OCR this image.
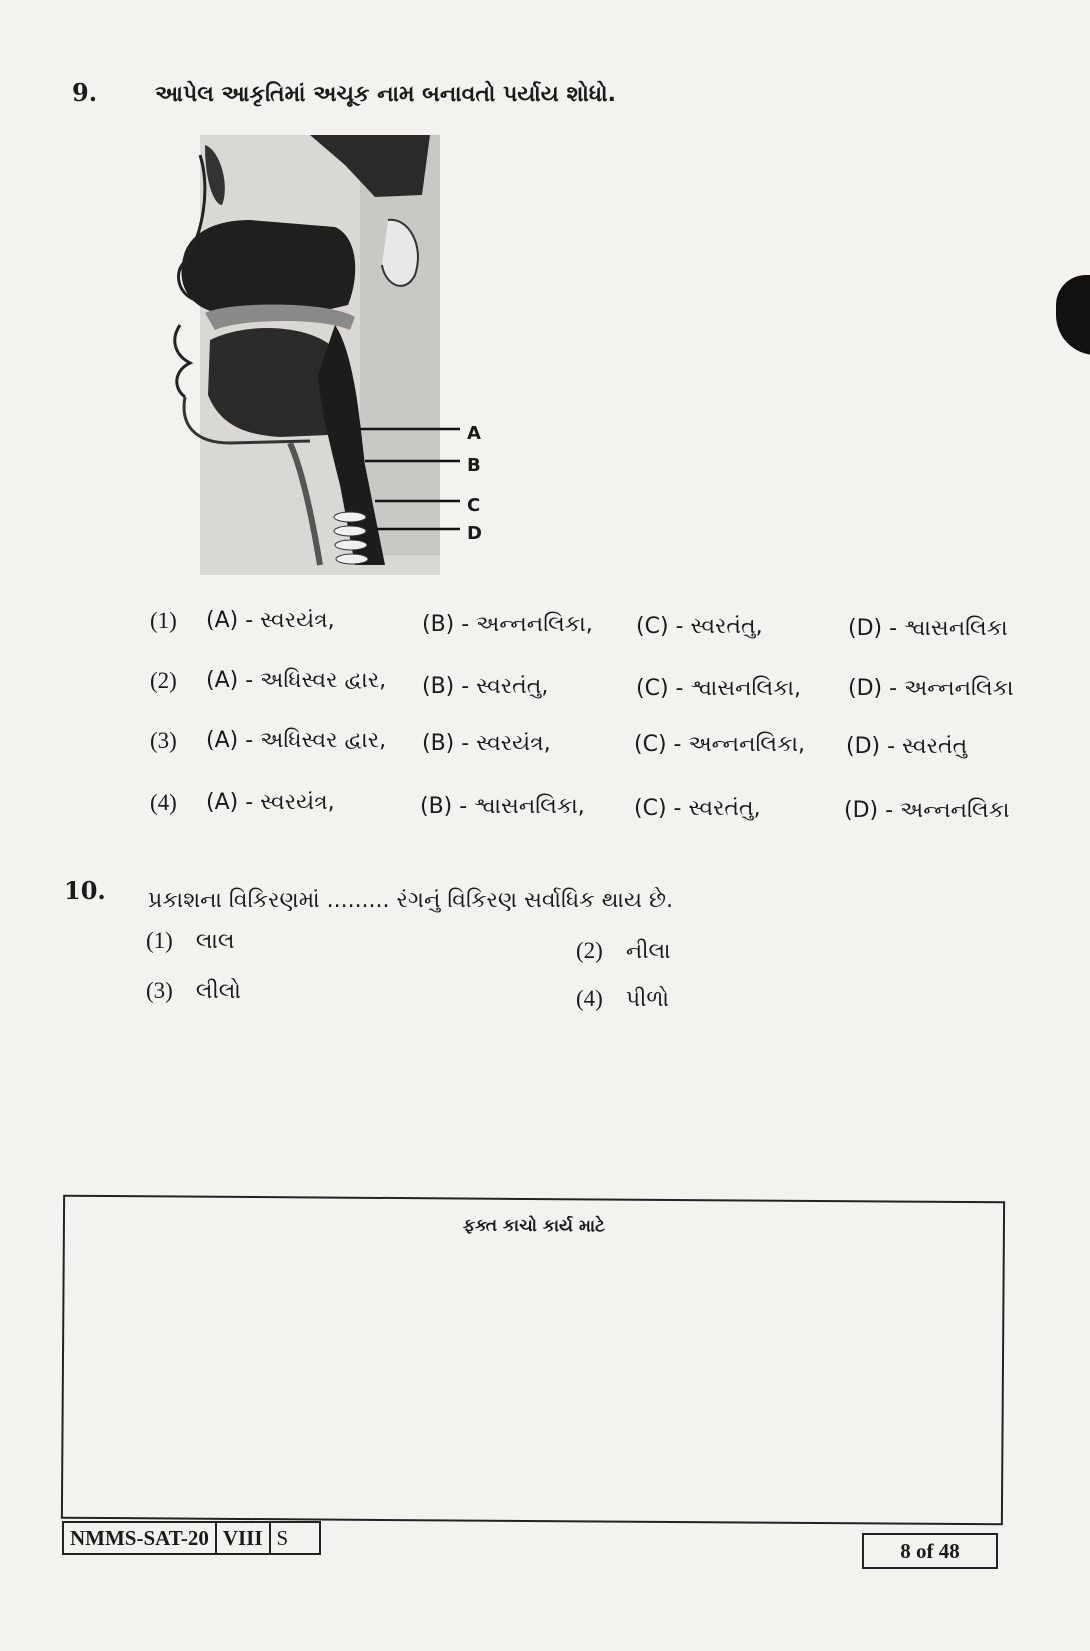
9.	આપેલ આકૃતિમાં અચૂક નામ બનાવતો પર્યાય શોધો.
A
B
C
D
(1) (A) - સ્વરયંત્ર,	(B) - અન્નનલિકા, (C) - સ્વરતંતુ,	(D) - શ્વાસનલિકા
(2) (A) - અધિસ્વર દ્વાર, (B) - સ્વરતંતુ,	(C) - શ્વાસનલિકા, (D) - અન્નનલિકા
(3) (A) - અધિસ્વર દ્વાર, (B) - સ્વરયંત્ર,	(C) - અન્નનલિકા, (D) - સ્વરતંતુ
(4) (A) - સ્વરયંત્ર,	(B) - શ્વાસનલિકા, (C) - સ્વરતંતુ,	(D) - અન્નનલિકા
10. પ્રકાશના વિકિરણમાં ......... રંગનું વિકિરણ સર્વાધિક થાય છે.
(1) લાલ	(2) નીલા
(3) લીલો	(4) પીળો
ફક્ત કાચો કાર્ય માટે
NMMS-SAT-20	VIII	S
8 of 48
